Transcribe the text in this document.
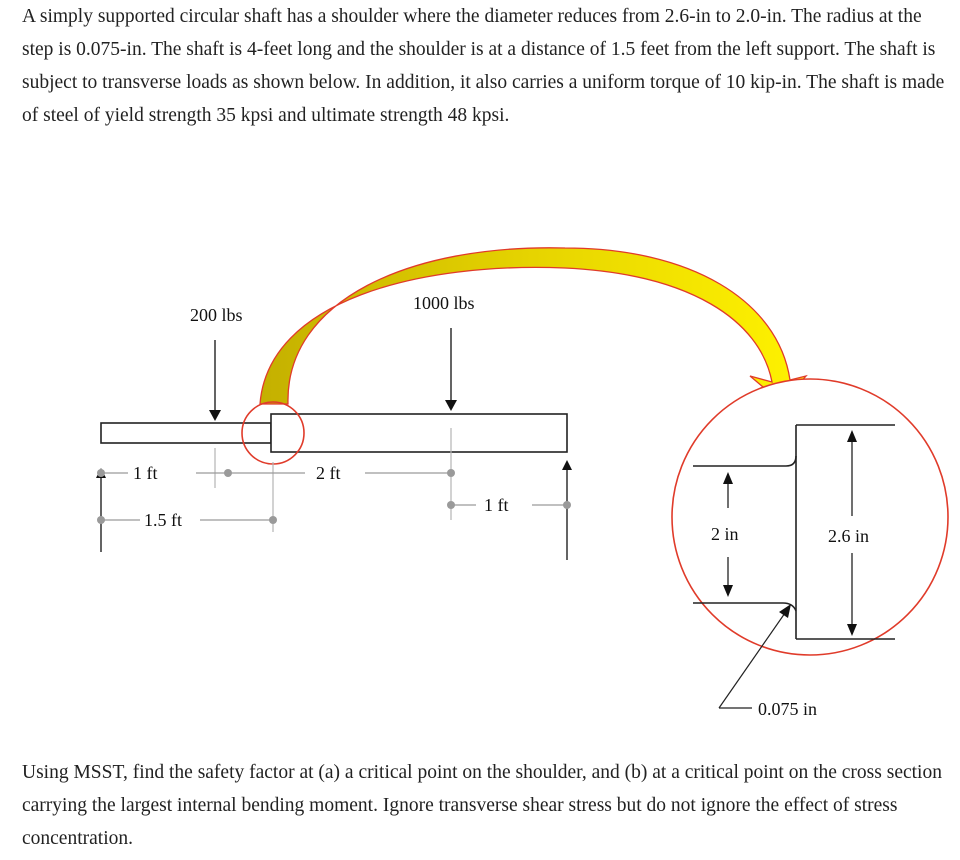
A simply supported circular shaft has a shoulder where the diameter reduces from 2.6-in to 2.0-in. The radius at the step is 0.075-in. The shaft is 4-feet long and the shoulder is at a distance of 1.5 feet from the left support. The shaft is subject to transverse loads as shown below. In addition, it also carries a uniform torque of 10 kip-in. The shaft is made of steel of yield strength 35 kpsi and ultimate strength 48 kpsi.

200 lbs
1000 lbs
1 ft	2 ft
1.5 ft
1 ft
2 in	2.6 in
0.075 in

Using MSST, find the safety factor at (a) a critical point on the shoulder, and (b) at a critical point on the cross section carrying the largest internal bending moment. Ignore transverse shear stress but do not ignore the effect of stress concentration.
